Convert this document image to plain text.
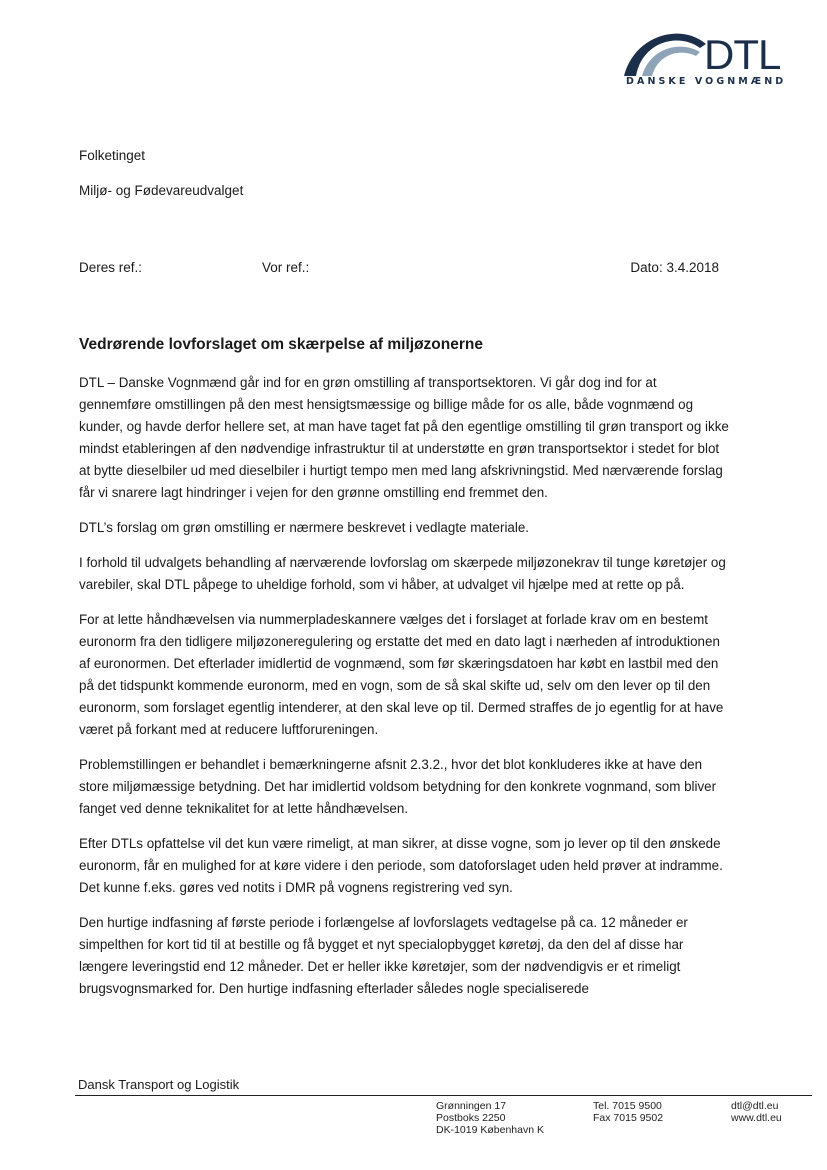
DTL
DANSKE VOGNMÆND
Folketinget
Miljø- og Fødevareudvalget
Deres ref.:	Vor ref.:	Dato: 3.4.2018
Vedrørende lovforslaget om skærpelse af miljøzonerne

DTL – Danske Vognmænd går ind for en grøn omstilling af transportsektoren. Vi går dog ind for at gennemføre omstillingen på den mest hensigtsmæssige og billige måde for os alle, både vognmænd og kunder, og havde derfor hellere set, at man have taget fat på den egentlige omstilling til grøn transport og ikke mindst etableringen af den nødvendige infrastruktur til at understøtte en grøn transportsektor i stedet for blot at bytte dieselbiler ud med dieselbiler i hurtigt tempo men med lang afskrivningstid. Med nærværende forslag får vi snarere lagt hindringer i vejen for den grønne omstilling end fremmet den.

DTL’s forslag om grøn omstilling er nærmere beskrevet i vedlagte materiale.

I forhold til udvalgets behandling af nærværende lovforslag om skærpede miljøzonekrav til tunge køretøjer og varebiler, skal DTL påpege to uheldige forhold, som vi håber, at udvalget vil hjælpe med at rette op på.

For at lette håndhævelsen via nummerpladeskannere vælges det i forslaget at forlade krav om en bestemt euronorm fra den tidligere miljøzoneregulering og erstatte det med en dato lagt i nærheden af introduktionen af euronormen. Det efterlader imidlertid de vognmænd, som før skæringsdatoen har købt en lastbil med den på det tidspunkt kommende euronorm, med en vogn, som de så skal skifte ud, selv om den lever op til den euronorm, som forslaget egentlig intenderer, at den skal leve op til. Dermed straffes de jo egentlig for at have været på forkant med at reducere luftforureningen.

Problemstillingen er behandlet i bemærkningerne afsnit 2.3.2., hvor det blot konkluderes ikke at have den store miljømæssige betydning. Det har imidlertid voldsom betydning for den konkrete vognmand, som bliver fanget ved denne teknikalitet for at lette håndhævelsen.

Efter DTLs opfattelse vil det kun være rimeligt, at man sikrer, at disse vogne, som jo lever op til den ønskede euronorm, får en mulighed for at køre videre i den periode, som datoforslaget uden held prøver at indramme. Det kunne f.eks. gøres ved notits i DMR på vognens registrering ved syn.

Den hurtige indfasning af første periode i forlængelse af lovforslagets vedtagelse på ca. 12 måneder er simpelthen for kort tid til at bestille og få bygget et nyt specialopbygget køretøj, da den del af disse har længere leveringstid end 12 måneder. Det er heller ikke køretøjer, som der nødvendigvis er et rimeligt brugsvognsmarked for. Den hurtige indfasning efterlader således nogle specialiserede

Dansk Transport og Logistik
Grønningen 17
Postboks 2250
DK-1019 København K
Tel. 7015 9500
Fax 7015 9502
dtl@dtl.eu
www.dtl.eu
